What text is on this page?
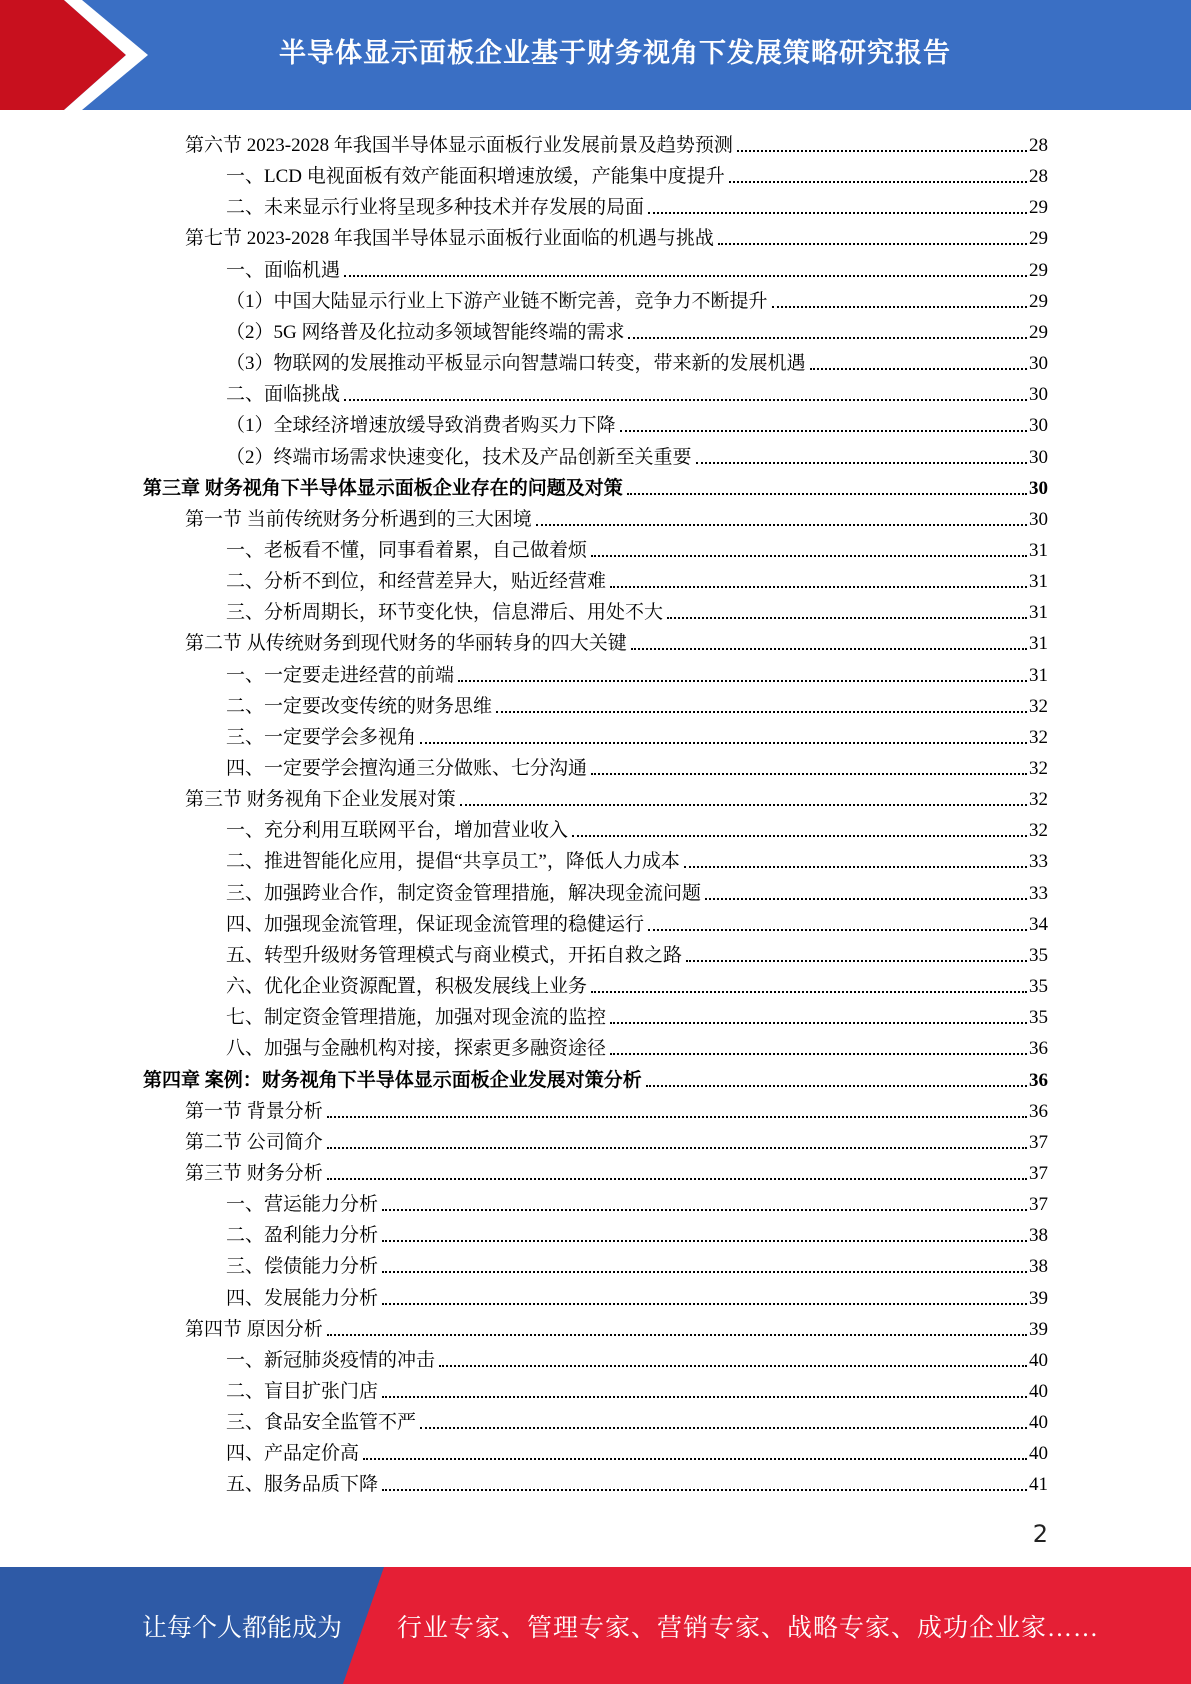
半导体显示面板企业基于财务视角下发展策略研究报告
第六节 2023-2028 年我国半导体显示面板行业发展前景及趋势预测	28
一、LCD 电视面板有效产能面积增速放缓，产能集中度提升	28
二、未来显示行业将呈现多种技术并存发展的局面	29
第七节 2023-2028 年我国半导体显示面板行业面临的机遇与挑战	29
一、面临机遇	29
（1）中国大陆显示行业上下游产业链不断完善，竞争力不断提升	29
（2）5G 网络普及化拉动多领域智能终端的需求	29
（3）物联网的发展推动平板显示向智慧端口转变，带来新的发展机遇	30
二、面临挑战	30
（1）全球经济增速放缓导致消费者购买力下降	30
（2）终端市场需求快速变化，技术及产品创新至关重要	30
第三章 财务视角下半导体显示面板企业存在的问题及对策	30
第一节 当前传统财务分析遇到的三大困境	30
一、老板看不懂，同事看着累，自己做着烦	31
二、分析不到位，和经营差异大，贴近经营难	31
三、分析周期长，环节变化快，信息滞后、用处不大	31
第二节 从传统财务到现代财务的华丽转身的四大关键	31
一、一定要走进经营的前端	31
二、一定要改变传统的财务思维	32
三、一定要学会多视角	32
四、一定要学会擅沟通三分做账、七分沟通	32
第三节 财务视角下企业发展对策	32
一、充分利用互联网平台，增加营业收入	32
二、推进智能化应用，提倡“共享员工”，降低人力成本	33
三、加强跨业合作，制定资金管理措施，解决现金流问题	33
四、加强现金流管理，保证现金流管理的稳健运行	34
五、转型升级财务管理模式与商业模式，开拓自救之路	35
六、优化企业资源配置，积极发展线上业务	35
七、制定资金管理措施，加强对现金流的监控	35
八、加强与金融机构对接，探索更多融资途径	36
第四章 案例：财务视角下半导体显示面板企业发展对策分析	36
第一节 背景分析	36
第二节 公司简介	37
第三节 财务分析	37
一、营运能力分析	37
二、盈利能力分析	38
三、偿债能力分析	38
四、发展能力分析	39
第四节 原因分析	39
一、新冠肺炎疫情的冲击	40
二、盲目扩张门店	40
三、食品安全监管不严	40
四、产品定价高	40
五、服务品质下降	41
2
让每个人都能成为 行业专家、管理专家、营销专家、战略专家、成功企业家……
